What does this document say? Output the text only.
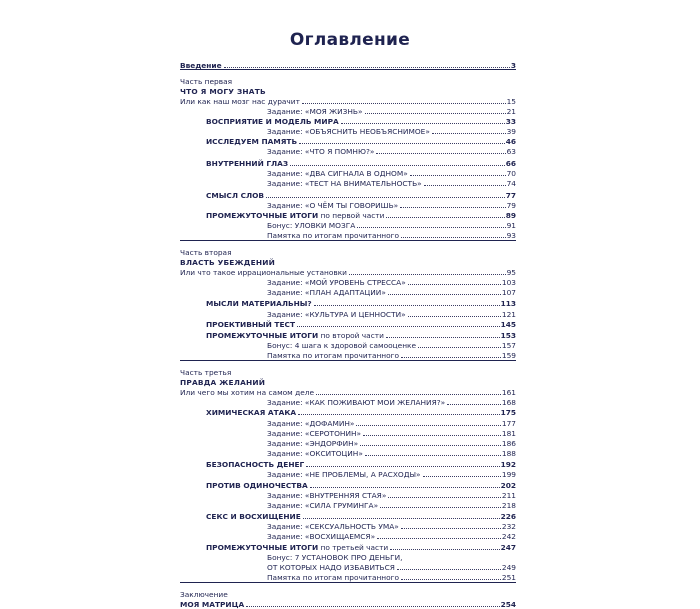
Оглавление
Введение	3
Часть первая
ЧТО Я МОГУ ЗНАТЬ
Или как наш мозг нас дурачит	15
Задание: «МОЯ ЖИЗНЬ»	21
ВОСПРИЯТИЕ И МОДЕЛЬ МИРА	33
Задание: «ОБЪЯСНИТЬ НЕОБЪЯСНИМОЕ»	39
ИССЛЕДУЕМ ПАМЯТЬ	46
Задание: «ЧТО Я ПОМНЮ?»	63
ВНУТРЕННИЙ ГЛАЗ	66
Задание: «ДВА СИГНАЛА В ОДНОМ»	70
Задание: «ТЕСТ НА ВНИМАТЕЛЬНОСТЬ»	74
СМЫСЛ СЛОВ	77
Задание: «О ЧЁМ ТЫ ГОВОРИШЬ»	79
ПРОМЕЖУТОЧНЫЕ ИТОГИ по первой части	89
Бонус: УЛОВКИ МОЗГА	91
Памятка по итогам прочитанного	93
Часть вторая
ВЛАСТЬ УБЕЖДЕНИЙ
Или что такое иррациональные установки	95
Задание: «МОЙ УРОВЕНЬ СТРЕССА»	103
Задание: «ПЛАН АДАПТАЦИИ»	107
МЫСЛИ МАТЕРИАЛЬНЫ?	113
Задание: «КУЛЬТУРА И ЦЕННОСТИ»	121
ПРОЕКТИВНЫЙ ТЕСТ	145
ПРОМЕЖУТОЧНЫЕ ИТОГИ по второй части	153
Бонус: 4 шага к здоровой самооценке	157
Памятка по итогам прочитанного	159
Часть третья
ПРАВДА ЖЕЛАНИЙ
Или чего мы хотим на самом деле	161
Задание: «КАК ПОЖИВАЮТ МОИ ЖЕЛАНИЯ?»	168
ХИМИЧЕСКАЯ АТАКА	175
Задание: «ДОФАМИН»	177
Задание: «СЕРОТОНИН»	181
Задание: «ЭНДОРФИН»	186
Задание: «ОКСИТОЦИН»	188
БЕЗОПАСНОСТЬ ДЕНЕГ	192
Задание: «НЕ ПРОБЛЕМЫ, А РАСХОДЫ»	199
ПРОТИВ ОДИНОЧЕСТВА	202
Задание: «ВНУТРЕННЯЯ СТАЯ»	211
Задание: «СИЛА ГРУМИНГА»	218
СЕКС И ВОСХИЩЕНИЕ	226
Задание: «СЕКСУАЛЬНОСТЬ УМА»	232
Задание: «ВОСХИЩАЕМСЯ»	242
ПРОМЕЖУТОЧНЫЕ ИТОГИ по третьей части	247
Бонус: 7 УСТАНОВОК ПРО ДЕНЬГИ,
ОТ КОТОРЫХ НАДО ИЗБАВИТЬСЯ	249
Памятка по итогам прочитанного	251
Заключение
МОЯ МАТРИЦА	254
